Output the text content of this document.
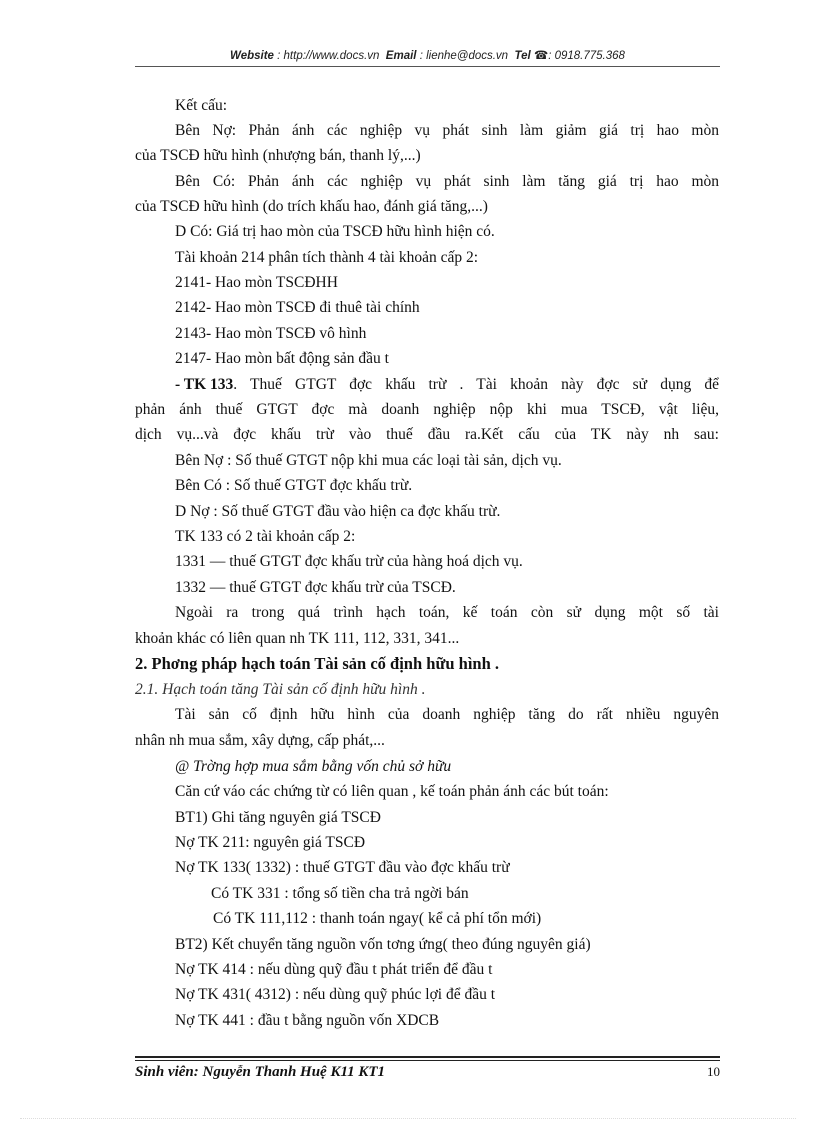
Website : http://www.docs.vn Email : lienhe@docs.vn Tel ☎: 0918.775.368
Kết cấu:
Bên Nợ: Phản ánh các nghiệp vụ phát sinh làm giảm giá trị hao mòn
của TSCĐ hữu hình (nhượng bán, thanh lý,...)
Bên Có: Phản ánh các nghiệp vụ phát sinh làm tăng giá trị hao mòn
của TSCĐ hữu hình (do trích khấu hao, đánh giá tăng,...)
D Có: Giá trị hao mòn của TSCĐ hữu hình hiện có.
Tài khoản 214 phân tích thành 4 tài khoản cấp 2:
2141- Hao mòn TSCĐHH
2142- Hao mòn TSCĐ đi thuê tài chính
2143- Hao mòn TSCĐ vô hình
2147- Hao mòn bất động sản đầu t
- TK 133 . Thuế GTGT đợc khấu trừ . Tài khoản này đợc sử dụng để
phản ánh thuế GTGT đợc mà doanh nghiệp nộp khi mua TSCĐ, vật liệu,
dịch vụ...và đợc khấu trừ vào thuế đầu ra.Kết cấu của TK này nh sau:
Bên Nợ : Số thuế GTGT nộp khi mua các loại tài sản, dịch vụ.
Bên Có : Số thuế GTGT đợc khấu trừ.
D Nợ : Số thuế GTGT đầu vào hiện ca đợc khấu trừ.
TK 133 có 2 tài khoản cấp 2:
1331 — thuế GTGT đợc khấu trừ của hàng hoá dịch vụ.
1332 — thuế GTGT đợc khấu trừ của TSCĐ.
Ngoài ra trong quá trình hạch toán, kế toán còn sử dụng một số tài
khoản khác có liên quan nh TK 111, 112, 331, 341...
2. Phơng pháp hạch toán Tài sản cố định hữu hình .
2.1. Hạch toán tăng Tài sản cố định hữu hình .
Tài sản cố định hữu hình của doanh nghiệp tăng do rất nhiều nguyên
nhân nh mua sắm, xây dựng, cấp phát,...
@ Trờng hợp mua sắm bằng vốn chủ sở hữu
Căn cứ váo các chứng từ có liên quan , kế toán phản ánh các bút toán:
BT1) Ghi tăng nguyên giá TSCĐ
Nợ TK 211: nguyên giá TSCĐ
Nợ TK 133( 1332) : thuế GTGT đầu vào đợc khấu trừ
Có TK 331 : tổng số tiền cha trả ngời bán
Có TK 111,112 : thanh toán ngay( kể cả phí tổn mới)
BT2) Kết chuyển tăng nguồn vốn tơng ứng( theo đúng nguyên giá)
Nợ TK 414 : nếu dùng quỹ đầu t phát triển để đầu t
Nợ TK 431( 4312) : nếu dùng quỹ phúc lợi để đầu t
Nợ TK 441 : đầu t bằng nguồn vốn XDCB
Sinh viên: Nguyễn Thanh Huệ K11 KT1	10
